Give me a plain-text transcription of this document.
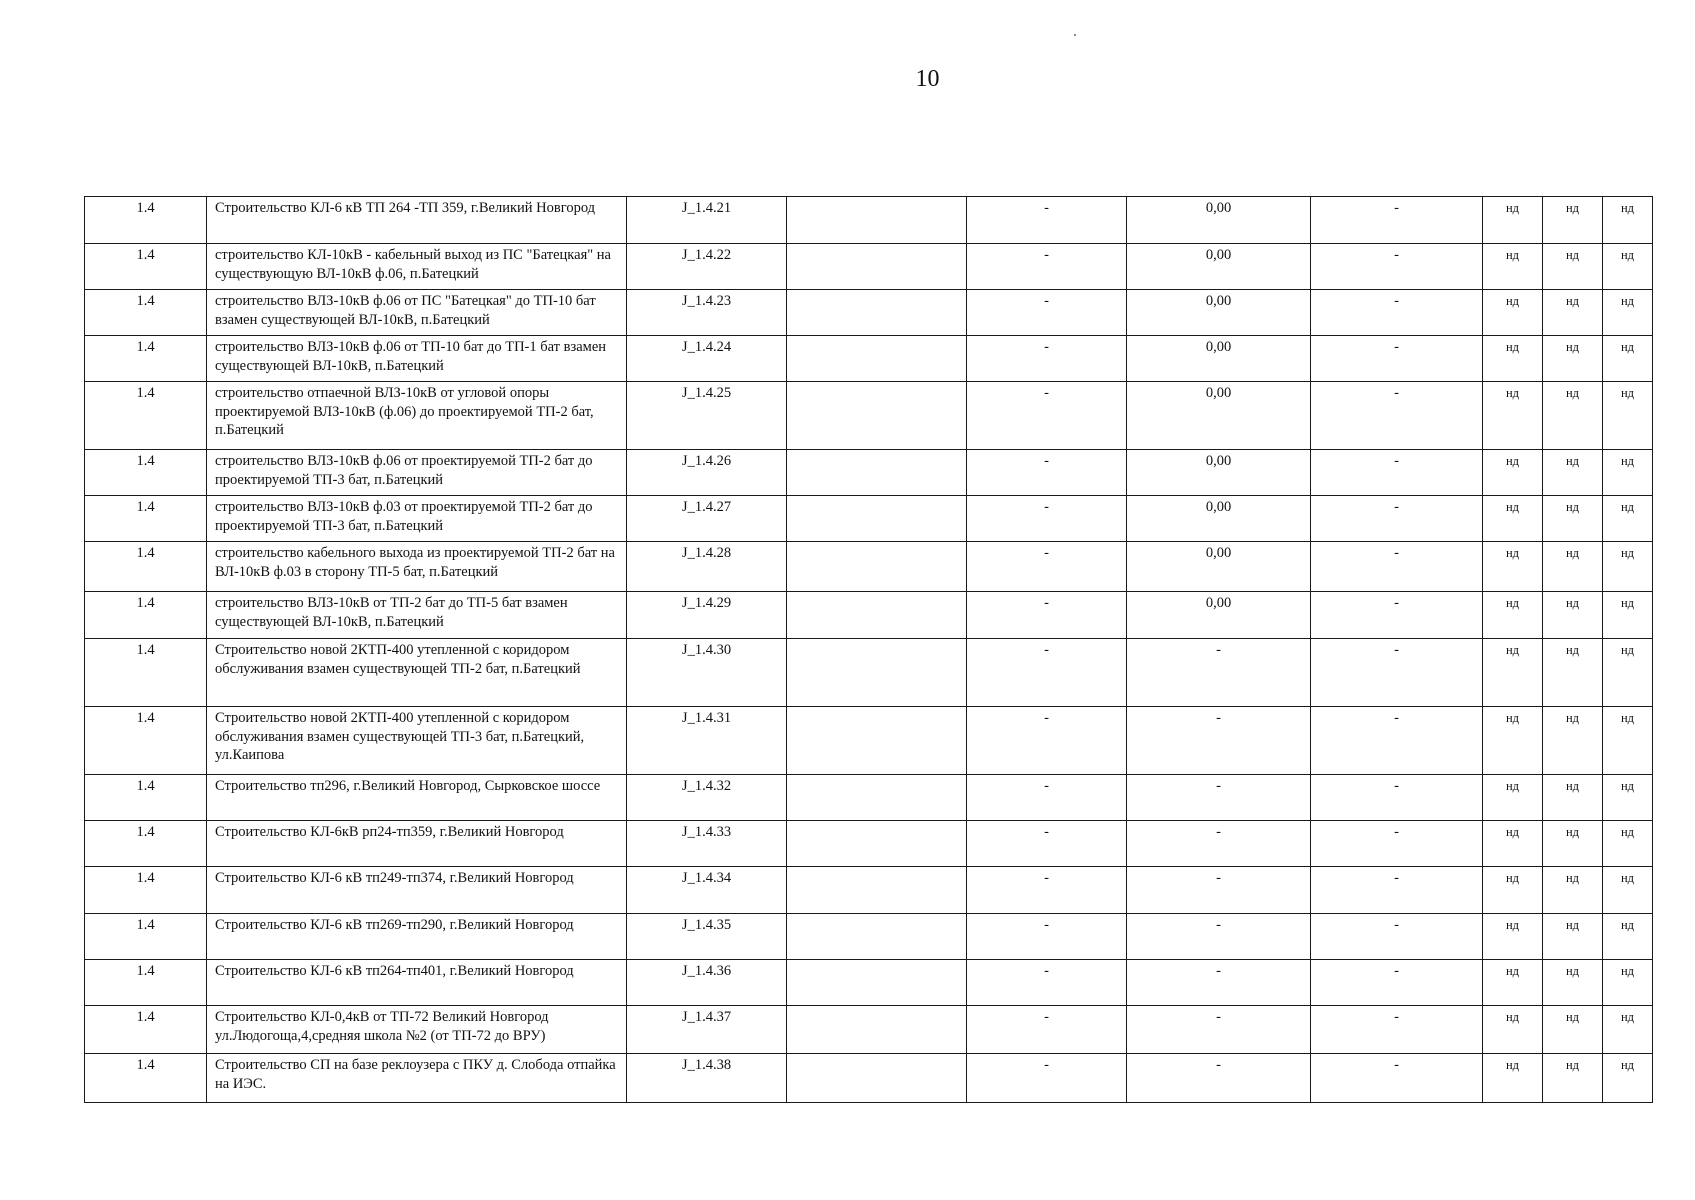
10
1.4	Строительство КЛ-6 кВ ТП 264 -ТП 359, г.Великий Новгород	J_1.4.21		-	0,00	-	нд	нд	нд
1.4	строительство КЛ-10кВ - кабельный выход из ПС "Батецкая" на существующую ВЛ-10кВ ф.06, п.Батецкий	J_1.4.22		-	0,00	-	нд	нд	нд
1.4	строительство ВЛЗ-10кВ ф.06 от ПС "Батецкая" до ТП-10 бат взамен существующей ВЛ-10кВ, п.Батецкий	J_1.4.23		-	0,00	-	нд	нд	нд
1.4	строительство ВЛЗ-10кВ ф.06 от ТП-10 бат до ТП-1 бат взамен существующей ВЛ-10кВ, п.Батецкий	J_1.4.24		-	0,00	-	нд	нд	нд
1.4	строительство отпаечной ВЛЗ-10кВ от угловой опоры проектируемой ВЛЗ-10кВ (ф.06) до проектируемой ТП-2 бат, п.Батецкий	J_1.4.25		-	0,00	-	нд	нд	нд
1.4	строительство ВЛЗ-10кВ ф.06 от проектируемой ТП-2 бат до проектируемой ТП-3 бат, п.Батецкий	J_1.4.26		-	0,00	-	нд	нд	нд
1.4	строительство ВЛЗ-10кВ ф.03 от проектируемой ТП-2 бат до проектируемой ТП-3 бат, п.Батецкий	J_1.4.27		-	0,00	-	нд	нд	нд
1.4	строительство кабельного выхода из проектируемой ТП-2 бат на ВЛ-10кВ ф.03 в сторону ТП-5 бат, п.Батецкий	J_1.4.28		-	0,00	-	нд	нд	нд
1.4	строительство ВЛЗ-10кВ от ТП-2 бат до ТП-5 бат взамен существующей ВЛ-10кВ, п.Батецкий	J_1.4.29		-	0,00	-	нд	нд	нд
1.4	Строительство новой 2КТП-400 утепленной с коридором обслуживания взамен существующей ТП-2 бат, п.Батецкий	J_1.4.30		-	-	-	нд	нд	нд
1.4	Строительство новой 2КТП-400 утепленной с коридором обслуживания взамен существующей ТП-3 бат, п.Батецкий, ул.Каипова	J_1.4.31		-	-	-	нд	нд	нд
1.4	Строительство тп296, г.Великий Новгород, Сырковское шоссе	J_1.4.32		-	-	-	нд	нд	нд
1.4	Строительство КЛ-6кВ рп24-тп359, г.Великий Новгород	J_1.4.33		-	-	-	нд	нд	нд
1.4	Строительство КЛ-6 кВ тп249-тп374, г.Великий Новгород	J_1.4.34		-	-	-	нд	нд	нд
1.4	Строительство КЛ-6 кВ тп269-тп290, г.Великий Новгород	J_1.4.35		-	-	-	нд	нд	нд
1.4	Строительство КЛ-6 кВ тп264-тп401, г.Великий Новгород	J_1.4.36		-	-	-	нд	нд	нд
1.4	Строительство КЛ-0,4кВ от ТП-72 Великий Новгород ул.Людогоща,4,средняя школа №2 (от ТП-72 до ВРУ)	J_1.4.37		-	-	-	нд	нд	нд
1.4	Строительство СП на базе реклоузера с ПКУ д. Слобода отпайка на ИЭС.	J_1.4.38		-	-	-	нд	нд	нд
